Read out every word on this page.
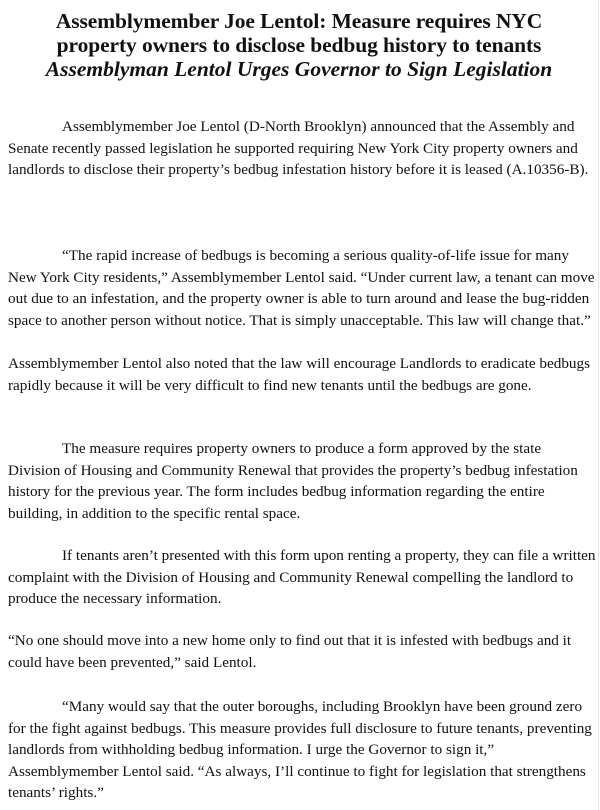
Assemblymember Joe Lentol: Measure requires NYC
property owners to disclose bedbug history to tenants
Assemblyman Lentol Urges Governor to Sign Legislation

Assemblymember Joe Lentol (D-North Brooklyn) announced that the Assembly and Senate recently passed legislation he supported requiring New York City property owners and landlords to disclose their property’s bedbug infestation history before it is leased (A.10356-B).

“The rapid increase of bedbugs is becoming a serious quality-of-life issue for many New York City residents,” Assemblymember Lentol said. “Under current law, a tenant can move out due to an infestation, and the property owner is able to turn around and lease the bug-ridden space to another person without notice. That is simply unacceptable. This law will change that.”

Assemblymember Lentol also noted that the law will encourage Landlords to eradicate bedbugs rapidly because it will be very difficult to find new tenants until the bedbugs are gone.

The measure requires property owners to produce a form approved by the state Division of Housing and Community Renewal that provides the property’s bedbug infestation history for the previous year. The form includes bedbug information regarding the entire building, in addition to the specific rental space.

If tenants aren’t presented with this form upon renting a property, they can file a written complaint with the Division of Housing and Community Renewal compelling the landlord to produce the necessary information.

“No one should move into a new home only to find out that it is infested with bedbugs and it could have been prevented,” said Lentol.

“Many would say that the outer boroughs, including Brooklyn have been ground zero for the fight against bedbugs. This measure provides full disclosure to future tenants, preventing landlords from withholding bedbug information. I urge the Governor to sign it,” Assemblymember Lentol said. “As always, I’ll continue to fight for legislation that strengthens tenants’ rights.”
